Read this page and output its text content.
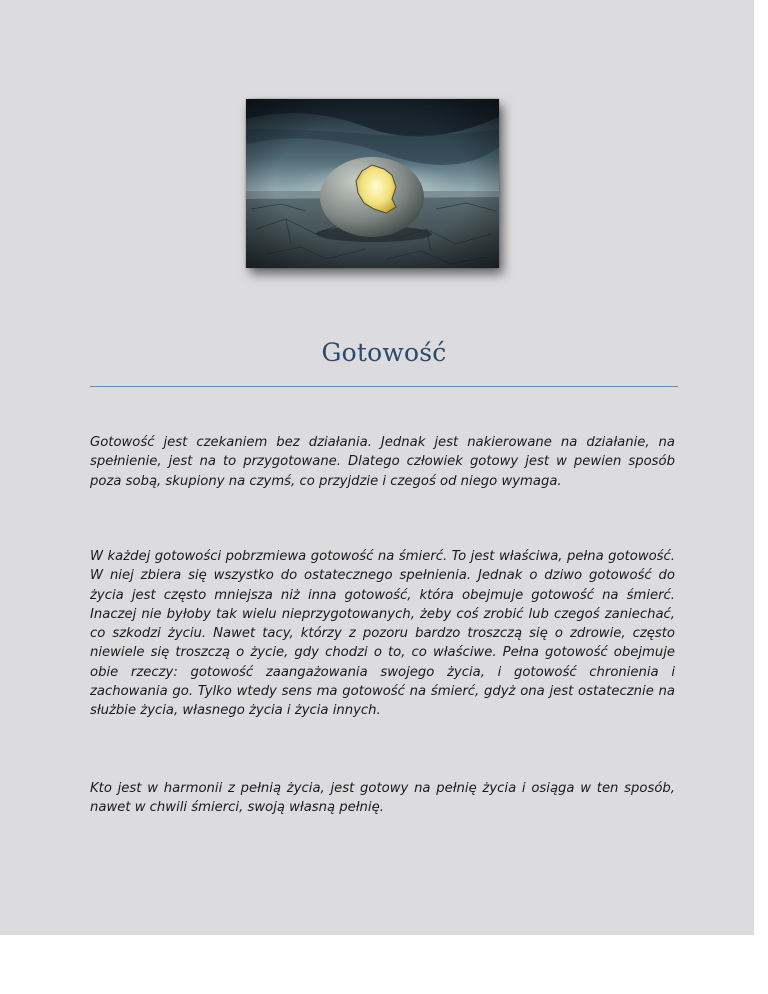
Gotowość

Gotowość jest czekaniem bez działania. Jednak jest nakierowane na działanie, na spełnienie, jest na to przygotowane. Dlatego człowiek gotowy jest w pewien sposób poza sobą, skupiony na czymś, co przyjdzie i czegoś od niego wymaga.

W każdej gotowości pobrzmiewa gotowość na śmierć. To jest właściwa, pełna gotowość. W niej zbiera się wszystko do ostatecznego spełnienia. Jednak o dziwo gotowość do życia jest często mniejsza niż inna gotowość, która obejmuje gotowość na śmierć. Inaczej nie byłoby tak wielu nieprzygotowanych, żeby coś zrobić lub czegoś zaniechać, co szkodzi życiu. Nawet tacy, którzy z pozoru bardzo troszczą się o zdrowie, często niewiele się troszczą o życie, gdy chodzi o to, co właściwe. Pełna gotowość obejmuje obie rzeczy: gotowość zaangażowania swojego życia, i gotowość chronienia i zachowania go. Tylko wtedy sens ma gotowość na śmierć, gdyż ona jest ostatecznie na służbie życia, własnego życia i życia innych.

Kto jest w harmonii z pełnią życia, jest gotowy na pełnię życia i osiąga w ten sposób, nawet w chwili śmierci, swoją własną pełnię.
